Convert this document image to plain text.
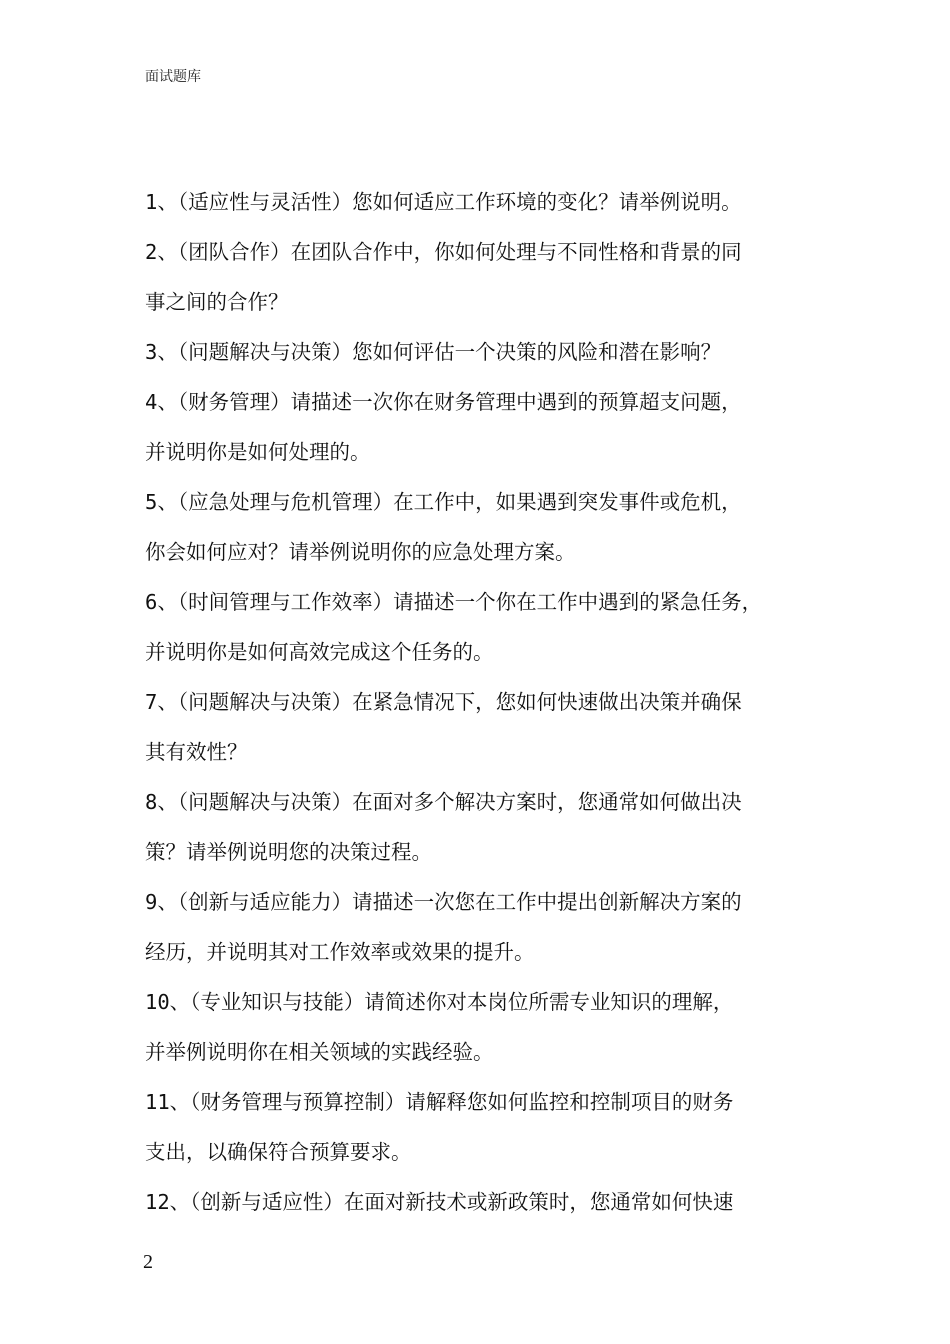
面试题库
1、（适应性与灵活性）您如何适应工作环境的变化？请举例说明。
2、（团队合作）在团队合作中，你如何处理与不同性格和背景的同
事之间的合作？
3、（问题解决与决策）您如何评估一个决策的风险和潜在影响？
4、（财务管理）请描述一次你在财务管理中遇到的预算超支问题，
并说明你是如何处理的。
5、（应急处理与危机管理）在工作中，如果遇到突发事件或危机，
你会如何应对？请举例说明你的应急处理方案。
6、（时间管理与工作效率）请描述一个你在工作中遇到的紧急任务，
并说明你是如何高效完成这个任务的。
7、（问题解决与决策）在紧急情况下，您如何快速做出决策并确保
其有效性？
8、（问题解决与决策）在面对多个解决方案时，您通常如何做出决
策？请举例说明您的决策过程。
9、（创新与适应能力）请描述一次您在工作中提出创新解决方案的
经历，并说明其对工作效率或效果的提升。
10、（专业知识与技能）请简述你对本岗位所需专业知识的理解，
并举例说明你在相关领域的实践经验。
11、（财务管理与预算控制）请解释您如何监控和控制项目的财务
支出，以确保符合预算要求。
12、（创新与适应性）在面对新技术或新政策时，您通常如何快速
2
